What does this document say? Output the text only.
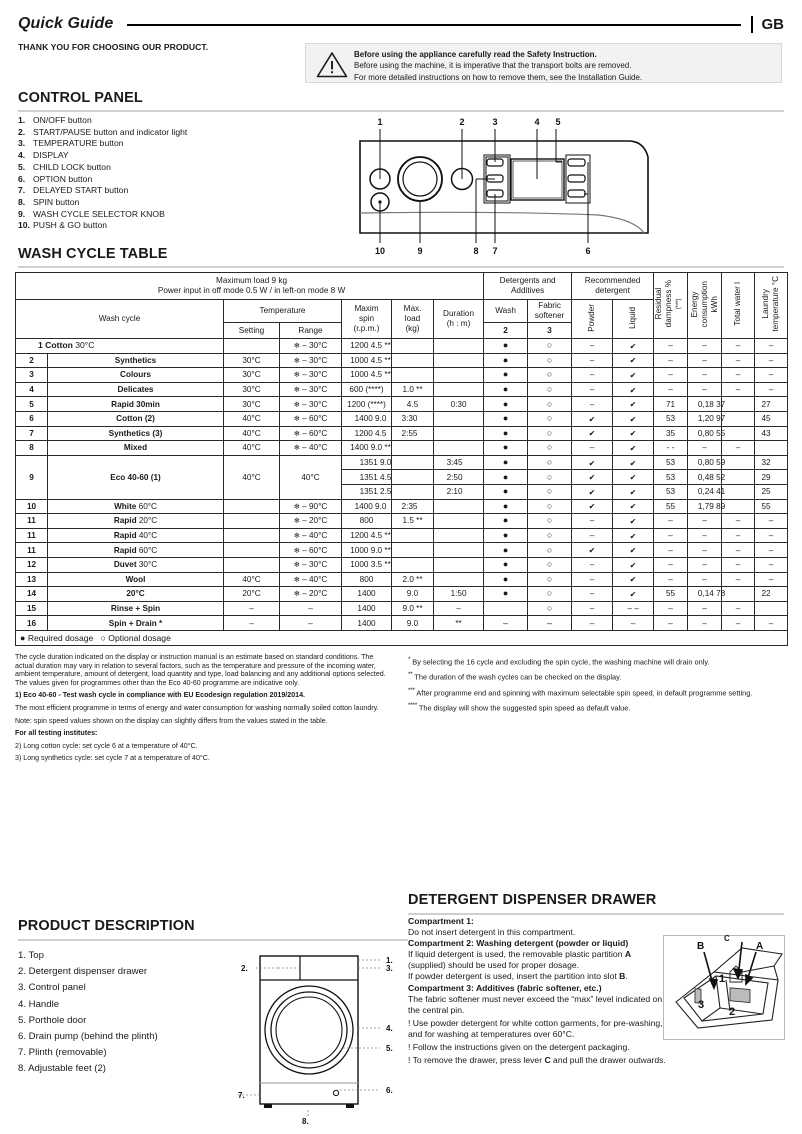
Quick Guide	GB
THANK YOU FOR CHOOSING OUR PRODUCT.
Before using the appliance carefully read the Safety Instruction.
Before using the machine, it is imperative that the transport bolts are removed.
For more detailed instructions on how to remove them, see the Installation Guide.
CONTROL PANEL
1. ON/OFF button
2. START/PAUSE button and indicator light
3. TEMPERATURE button
4. DISPLAY
5. CHILD LOCK button
6. OPTION button
7. DELAYED START button
8. SPIN button
9. WASH CYCLE SELECTOR KNOB
10. PUSH & GO button
1	2	3	4 5
10	9	8 7	6
WASH CYCLE TABLE
Maximum load 9 kg
Power input in off mode 0.5 W / in left-on mode 8 W							Detergents and
Additives		Recommended
detergent		Residual
dampness % (***)	Energy
consumption
kWh	Total water l	Laundry
temperature °C
Wash cycle		Temperature		Maxim
spin
(r.p.m.)	Max.
load
(kg)	Duration
(h : m)	Wash	Fabric
softener	Powder	Liquid				
		Setting	Range				2	3						
1 Cotton 30°C			❄ – 30°C	1200 4.5 **			●	○	–	✔	–	–	–	–
2	Synthetics	30°C	❄ – 30°C	1000 4.5 **			●	○	–	✔	–	–	–	–
3	Colours	30°C	❄ – 30°C	1000 4.5 **			●	○	–	✔	–	–	–	–
4	Delicates	30°C	❄ – 30°C	600 (****)	1.0 **		●	○	–	✔	–	–	–	–
5	Rapid 30min	30°C	❄ – 30°C	1200 (****)	4.5	0:30	●	○	–	✔	71	0,18 37		27
6	Cotton (2)	40°C	❄ – 60°C	1400 9.0	3:30		●	○	✔	✔	53	1,20 97		45
7	Synthetics (3)	40°C	❄ – 60°C	1200 4.5	2:55		●	○	✔	✔	35	0,80 55		43
8	Mixed	40°C	❄ – 40°C	1400 9.0 **			●	○	–	✔	- -	–	–	
9	Eco 40-60 (1)	40°C	40°C	1351 9.0		3:45	●	○	✔	✔	53	0,80 59		32
				1351 4.5		2:50	●	○	✔	✔	53	0,48 52		29
				1351 2.5		2:10	●	○	✔	✔	53	0,24 41		25
10	White 60°C		❄ – 90°C	1400 9.0	2:35		●	○	✔	✔	55	1,79 89		55
11	Rapid 20°C		❄ – 20°C	800	1.5 **		●	○	–	✔	–	–	–	–
11	Rapid 40°C		❄ – 40°C	1200 4.5 **			●	○	–	✔	–	–	–	–
11	Rapid 60°C		❄ – 60°C	1000 9.0 **			●	○	✔	✔	–	–	–	–
12	Duvet 30°C		❄ – 30°C	1000 3.5 **			●	○	–	✔	–	–	–	–
13	Wool	40°C	❄ – 40°C	800	2.0 **		●	○	–	✔	–	–	–	–
14	20°C	20°C	❄ – 20°C	1400	9.0	1:50	●	○	–	✔	55	0,14 78		22
15	Rinse + Spin	–	–	1400	9.0 **	–		○	–	– –	–	–	–	
16	Spin + Drain *	–	–	1400	9.0	**	–	–	–	–	–	–	–	–
● Required dosage   ○ Optional dosage														

The cycle duration indicated on the display or instruction manual is an estimate based on standard conditions. The actual duration may vary in relation to several factors, such as the temperature and pressure of the incoming water, ambient temperature, amount of detergent, load quantity and type, load balancing and any additional options selected. The values given for programmes other than the Eco 40-60 programme are indicative only.

1) Eco 40-60 - Test wash cycle in compliance with EU Ecodesign regulation 2019/2014.

The most efficient programme in terms of energy and water consumption for washing normally soiled cotton laundry.

Note: spin speed values shown on the display can slightly differs from the values stated in the table.

For all testing institutes:

2) Long cotton cycle: set cycle 6 at a temperature of 40°C.

3) Long synthetics cycle: set cycle 7 at a temperature of 40°C.

* By selecting the 16 cycle and excluding the spin cycle, the washing machine will drain only.

** The duration of the wash cycles can be checked on the display.

*** After programme end and spinning with maximum selectable spin speed, in default programme setting.

**** The display will show the suggested spin speed as default value.

PRODUCT DESCRIPTION
1. Top
2. Detergent dispenser drawer
3. Control panel
4. Handle
5. Porthole door
6. Drain pump (behind the plinth)
7. Plinth (removable)
8. Adjustable feet (2)
1.
2.	3.
4.
5.
6.
7.
8.
DETERGENT DISPENSER DRAWER

Compartment 1:

Do not insert detergent in this compartment.

Compartment 2: Washing detergent (powder or liquid)

If liquid detergent is used, the removable plastic partition A (supplied) should be used for proper dosage.

If powder detergent is used, insert the partition into slot B.

Compartment 3: Additives (fabric softener, etc.)

The fabric softener must never exceed the “max” level indicated on the central pin.

! Use powder detergent for white cotton garments, for pre-washing, and for washing at temperatures over 60°C.

! Follow the instructions given on the detergent packaging.

! To remove the drawer, press lever C and pull the drawer outwards.

B	A
1
2
3
C
